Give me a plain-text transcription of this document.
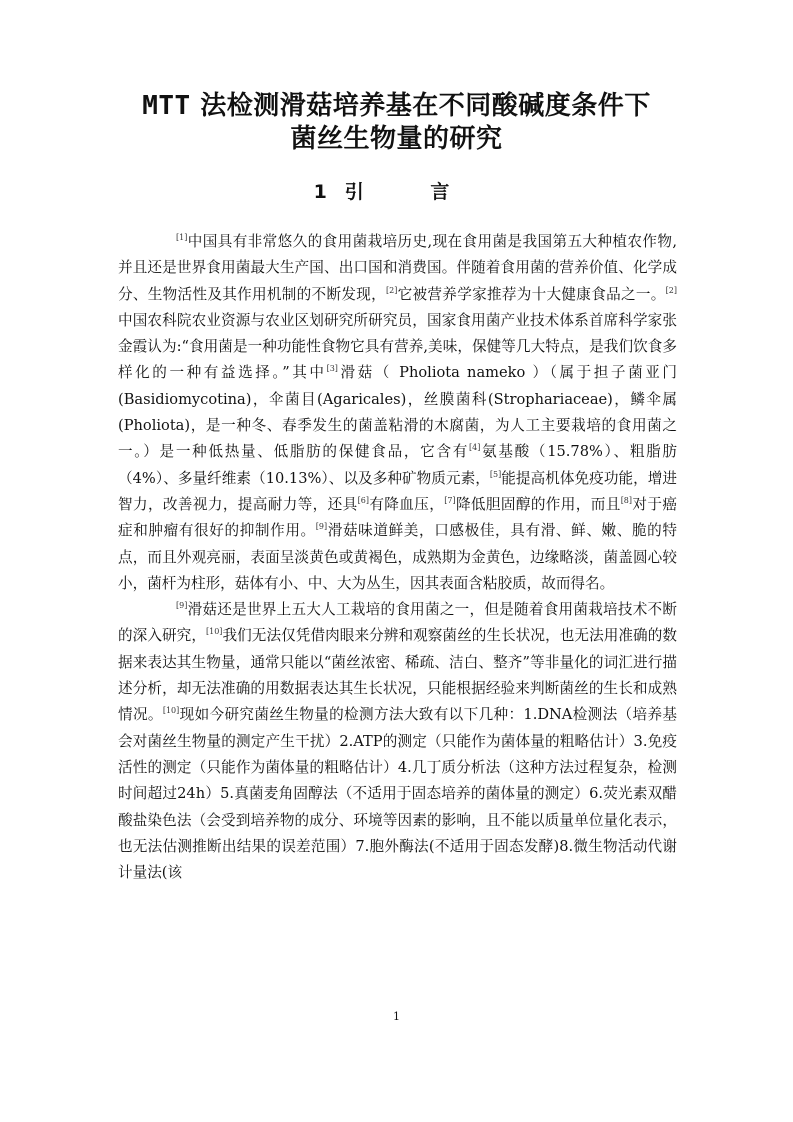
MTT 法检测滑菇培养基在不同酸碱度条件下
菌丝生物量的研究
1 引 言

[1]中国具有非常悠久的食用菌栽培历史,现在食用菌是我国第五大种植农作物,并且还是世界食用菌最大生产国、出口国和消费国。伴随着食用菌的营养价值、化学成分、生物活性及其作用机制的不断发现，[2]它被营养学家推荐为十大健康食品之一。[2]中国农科院农业资源与农业区划研究所研究员，国家食用菌产业技术体系首席科学家张金霞认为:“食用菌是一种功能性食物它具有营养,美味，保健等几大特点，是我们饮食多样化的一种有益选择。”其中[3]滑菇（ Pholiota nameko ）（属于担子菌亚门(Basidiomycotina)，伞菌目(Agaricales)，丝膜菌科(Strophariaceae)，鳞伞属(Pholiota)，是一种冬、春季发生的菌盖粘滑的木腐菌，为人工主要栽培的食用菌之一。）是一种低热量、低脂肪的保健食品，它含有[4]氨基酸（15.78%）、粗脂肪（4%）、多量纤维素（10.13%）、以及多种矿物质元素，[5]能提高机体免疫功能，增进智力，改善视力，提高耐力等，还具[6]有降血压，[7]降低胆固醇的作用，而且[8]对于癌症和肿瘤有很好的抑制作用。[9]滑菇味道鲜美，口感极佳，具有滑、鲜、嫩、脆的特点，而且外观亮丽，表面呈淡黄色或黄褐色，成熟期为金黄色，边缘略淡，菌盖圆心较小，菌杆为柱形，菇体有小、中、大为丛生，因其表面含粘胶质，故而得名。

[9]滑菇还是世界上五大人工栽培的食用菌之一，但是随着食用菌栽培技术不断的深入研究，[10]我们无法仅凭借肉眼来分辨和观察菌丝的生长状况，也无法用准确的数据来表达其生物量，通常只能以“菌丝浓密、稀疏、洁白、整齐”等非量化的词汇进行描述分析，却无法准确的用数据表达其生长状况，只能根据经验来判断菌丝的生长和成熟情况。[10]现如今研究菌丝生物量的检测方法大致有以下几种：1.DNA检测法（培养基会对菌丝生物量的测定产生干扰）2.ATP的测定（只能作为菌体量的粗略估计）3.免疫活性的测定（只能作为菌体量的粗略估计）4.几丁质分析法（这种方法过程复杂，检测时间超过24h）5.真菌麦角固醇法（不适用于固态培养的菌体量的测定）6.荧光素双醋酸盐染色法（会受到培养物的成分、环境等因素的影响，且不能以质量单位量化表示，也无法估测推断出结果的误差范围）7.胞外酶法(不适用于固态发酵)8.微生物活动代谢计量法(该

1
